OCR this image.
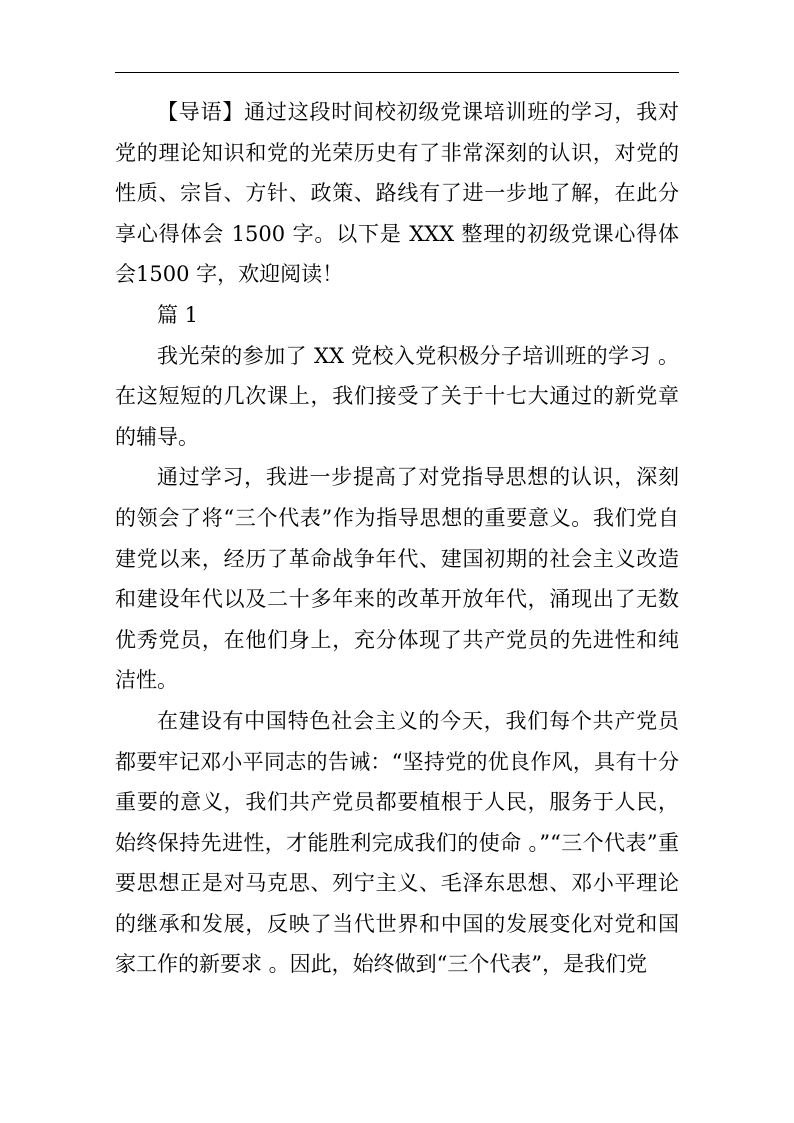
【导语】通过这段时间校初级党课培训班的学习，我对党的理论知识和党的光荣历史有了非常深刻的认识，对党的性质、宗旨、方针、政策、路线有了进一步地了解，在此分享心得体会 1500 字。以下是 XXX 整理的初级党课心得体会1500 字，欢迎阅读！

篇 1

我光荣的参加了 XX 党校入党积极分子培训班的学习 。在这短短的几次课上，我们接受了关于十七大通过的新党章的辅导。

通过学习，我进一步提高了对党指导思想的认识，深刻的领会了将“三个代表”作为指导思想的重要意义。我们党自建党以来，经历了革命战争年代、建国初期的社会主义改造和建设年代以及二十多年来的改革开放年代，涌现出了无数优秀党员，在他们身上，充分体现了共产党员的先进性和纯洁性。

在建设有中国特色社会主义的今天，我们每个共产党员都要牢记邓小平同志的告诫：“坚持党的优良作风，具有十分重要的意义，我们共产党员都要植根于人民，服务于人民，始终保持先进性，才能胜利完成我们的使命 。”“三个代表”重要思想正是对马克思、列宁主义、毛泽东思想、邓小平理论的继承和发展，反映了当代世界和中国的发展变化对党和国家工作的新要求 。因此，始终做到“三个代表”，是我们党
